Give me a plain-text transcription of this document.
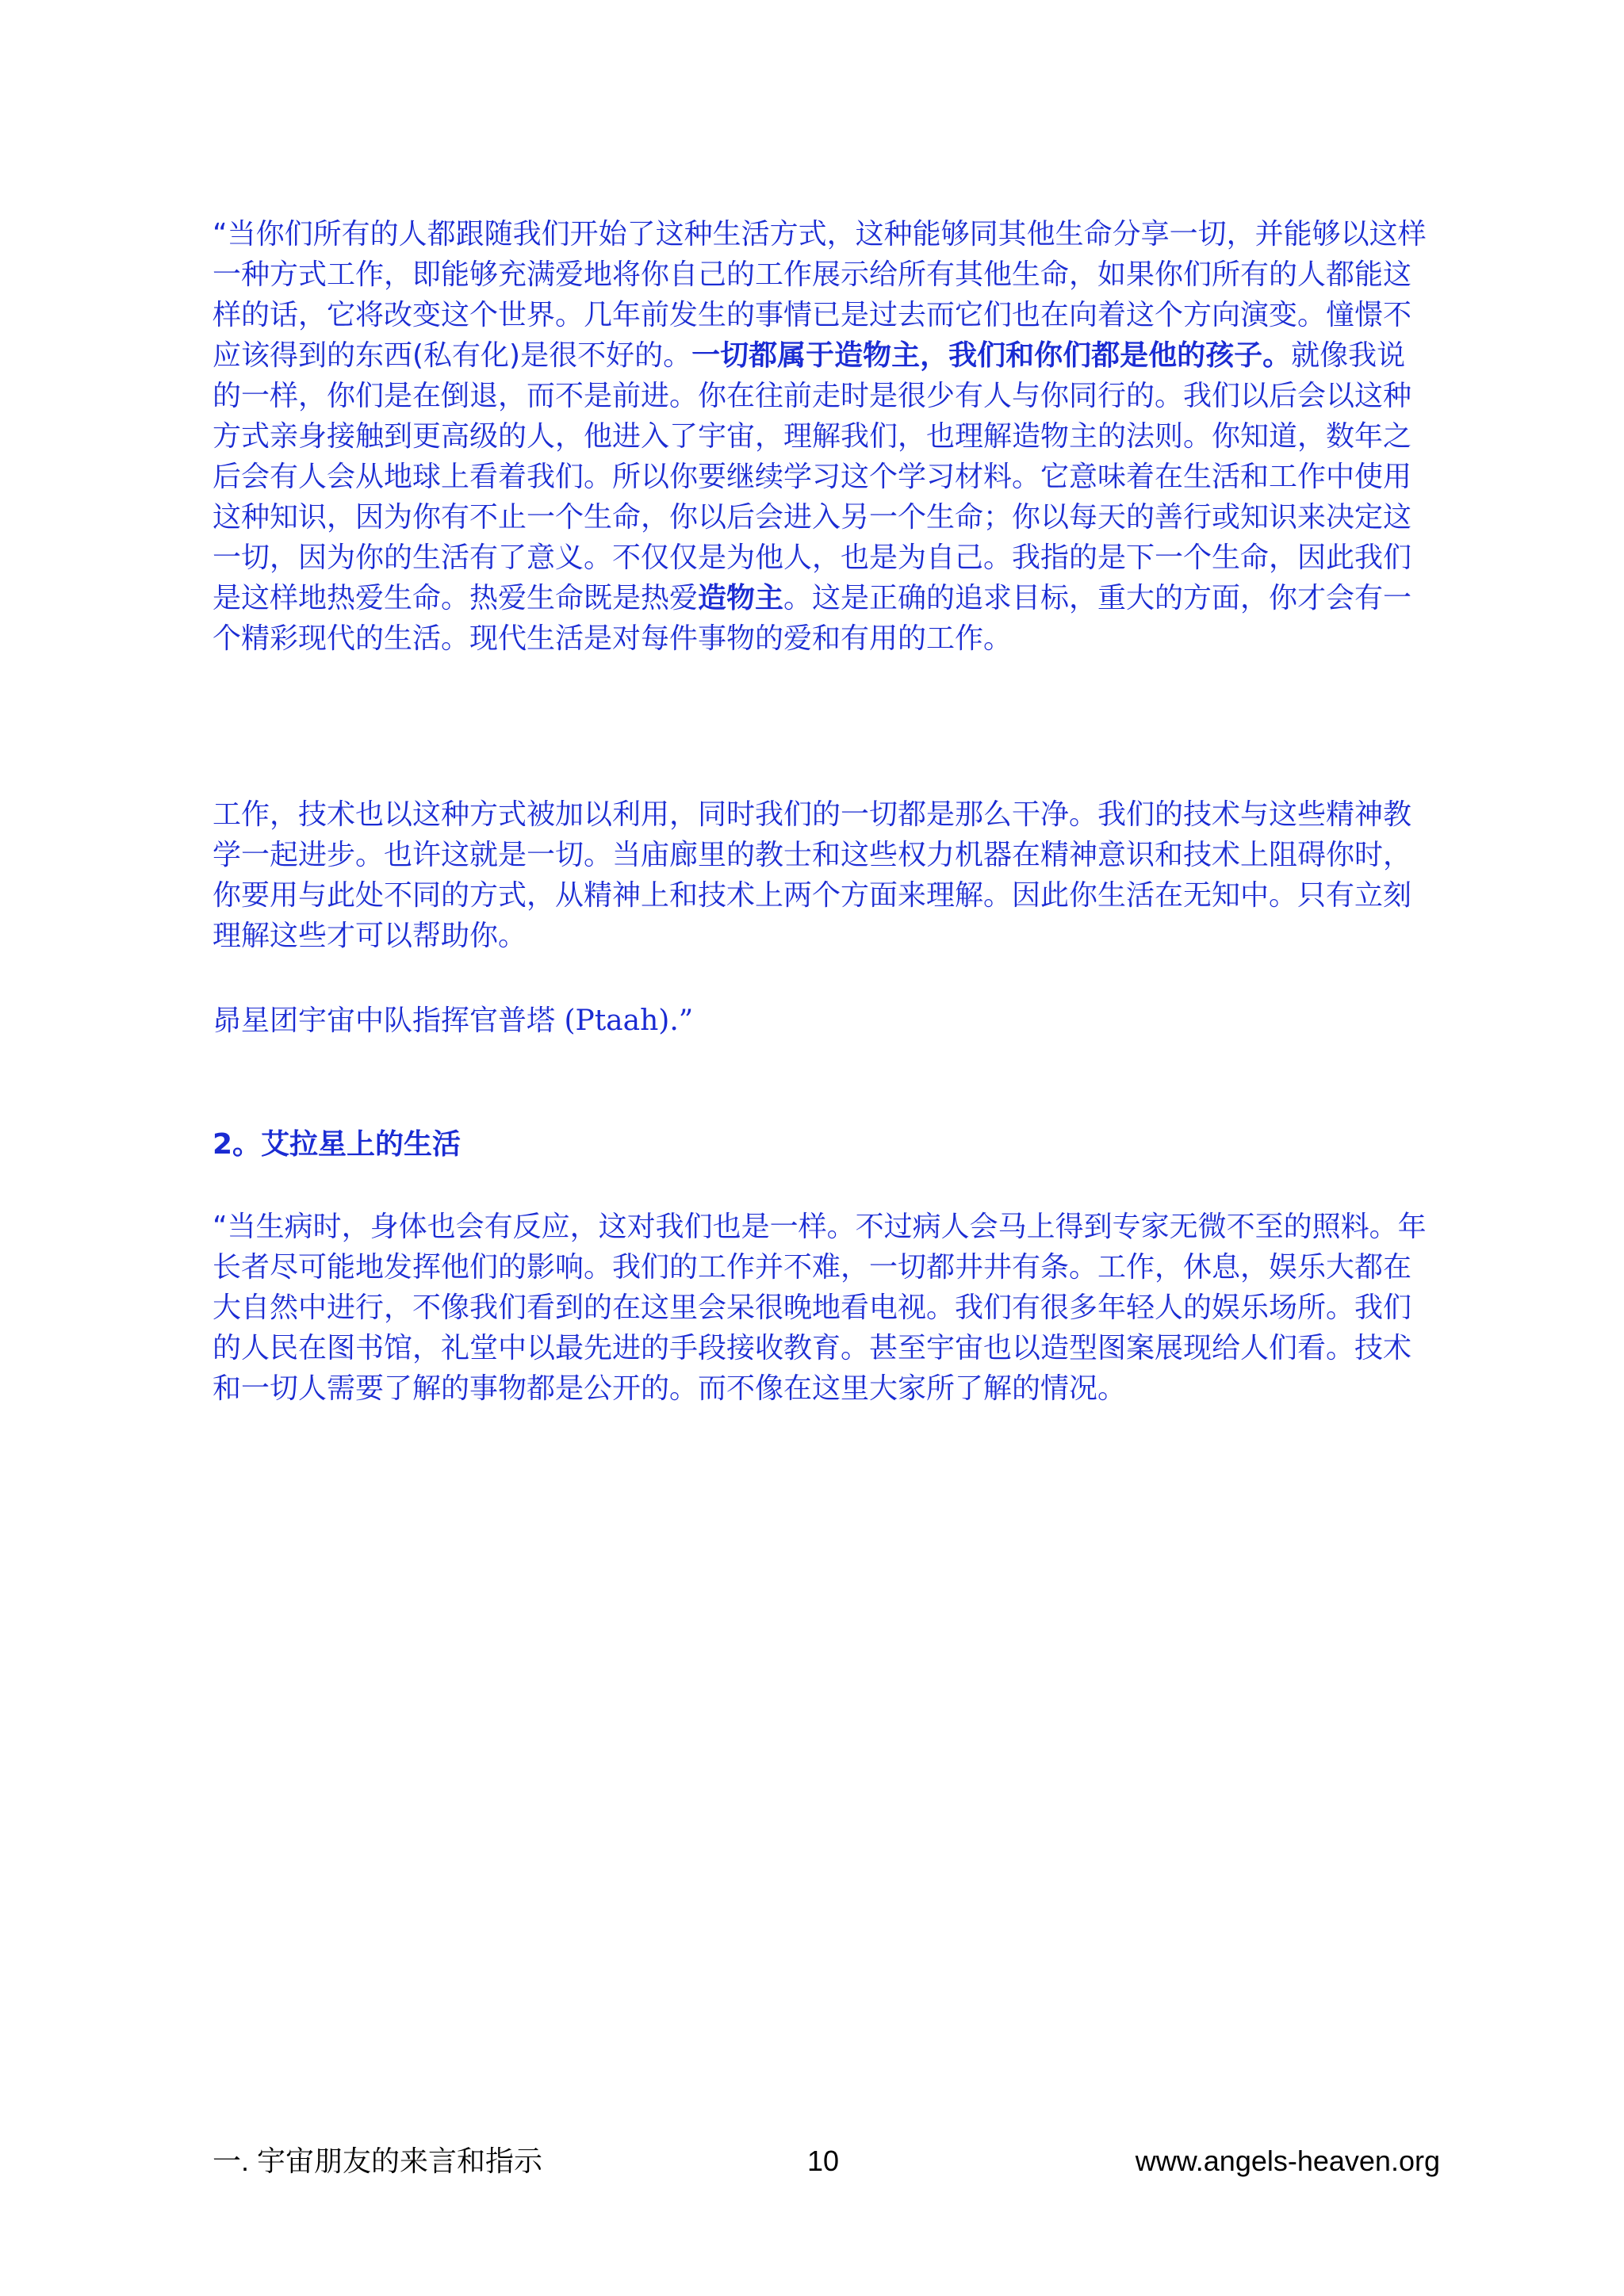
“当你们所有的人都跟随我们开始了这种生活方式，这种能够同其他生命分享一切，并能够以这样一种方式工作，即能够充满爱地将你自己的工作展示给所有其他生命，如果你们所有的人都能这样的话，它将改变这个世界。几年前发生的事情已是过去而它们也在向着这个方向演变。憧憬不应该得到的东西(私有化)是很不好的。一切都属于造物主，我们和你们都是他的孩子。就像我说的一样，你们是在倒退，而不是前进。你在往前走时是很少有人与你同行的。我们以后会以这种方式亲身接触到更高级的人，他进入了宇宙，理解我们，也理解造物主的法则。你知道，数年之后会有人会从地球上看着我们。所以你要继续学习这个学习材料。它意味着在生活和工作中使用这种知识，因为你有不止一个生命，你以后会进入另一个生命；你以每天的善行或知识来决定这一切，因为你的生活有了意义。不仅仅是为他人，也是为自己。我指的是下一个生命，因此我们是这样地热爱生命。热爱生命既是热爱造物主。这是正确的追求目标，重大的方面，你才会有一个精彩现代的生活。现代生活是对每件事物的爱和有用的工作。

工作，技术也以这种方式被加以利用，同时我们的一切都是那么干净。我们的技术与这些精神教学一起进步。也许这就是一切。当庙廊里的教士和这些权力机器在精神意识和技术上阻碍你时，你要用与此处不同的方式，从精神上和技术上两个方面来理解。因此你生活在无知中。只有立刻理解这些才可以帮助你。

昴星团宇宙中队指挥官普塔 (Ptaah).”

2。艾拉星上的生活

“当生病时，身体也会有反应，这对我们也是一样。不过病人会马上得到专家无微不至的照料。年长者尽可能地发挥他们的影响。我们的工作并不难，一切都井井有条。工作，休息，娱乐大都在大自然中进行，不像我们看到的在这里会呆很晚地看电视。我们有很多年轻人的娱乐场所。我们的人民在图书馆，礼堂中以最先进的手段接收教育。甚至宇宙也以造型图案展现给人们看。技术和一切人需要了解的事物都是公开的。而不像在这里大家所了解的情况。

一. 宇宙朋友的来言和指示	10	www.angels-heaven.org
